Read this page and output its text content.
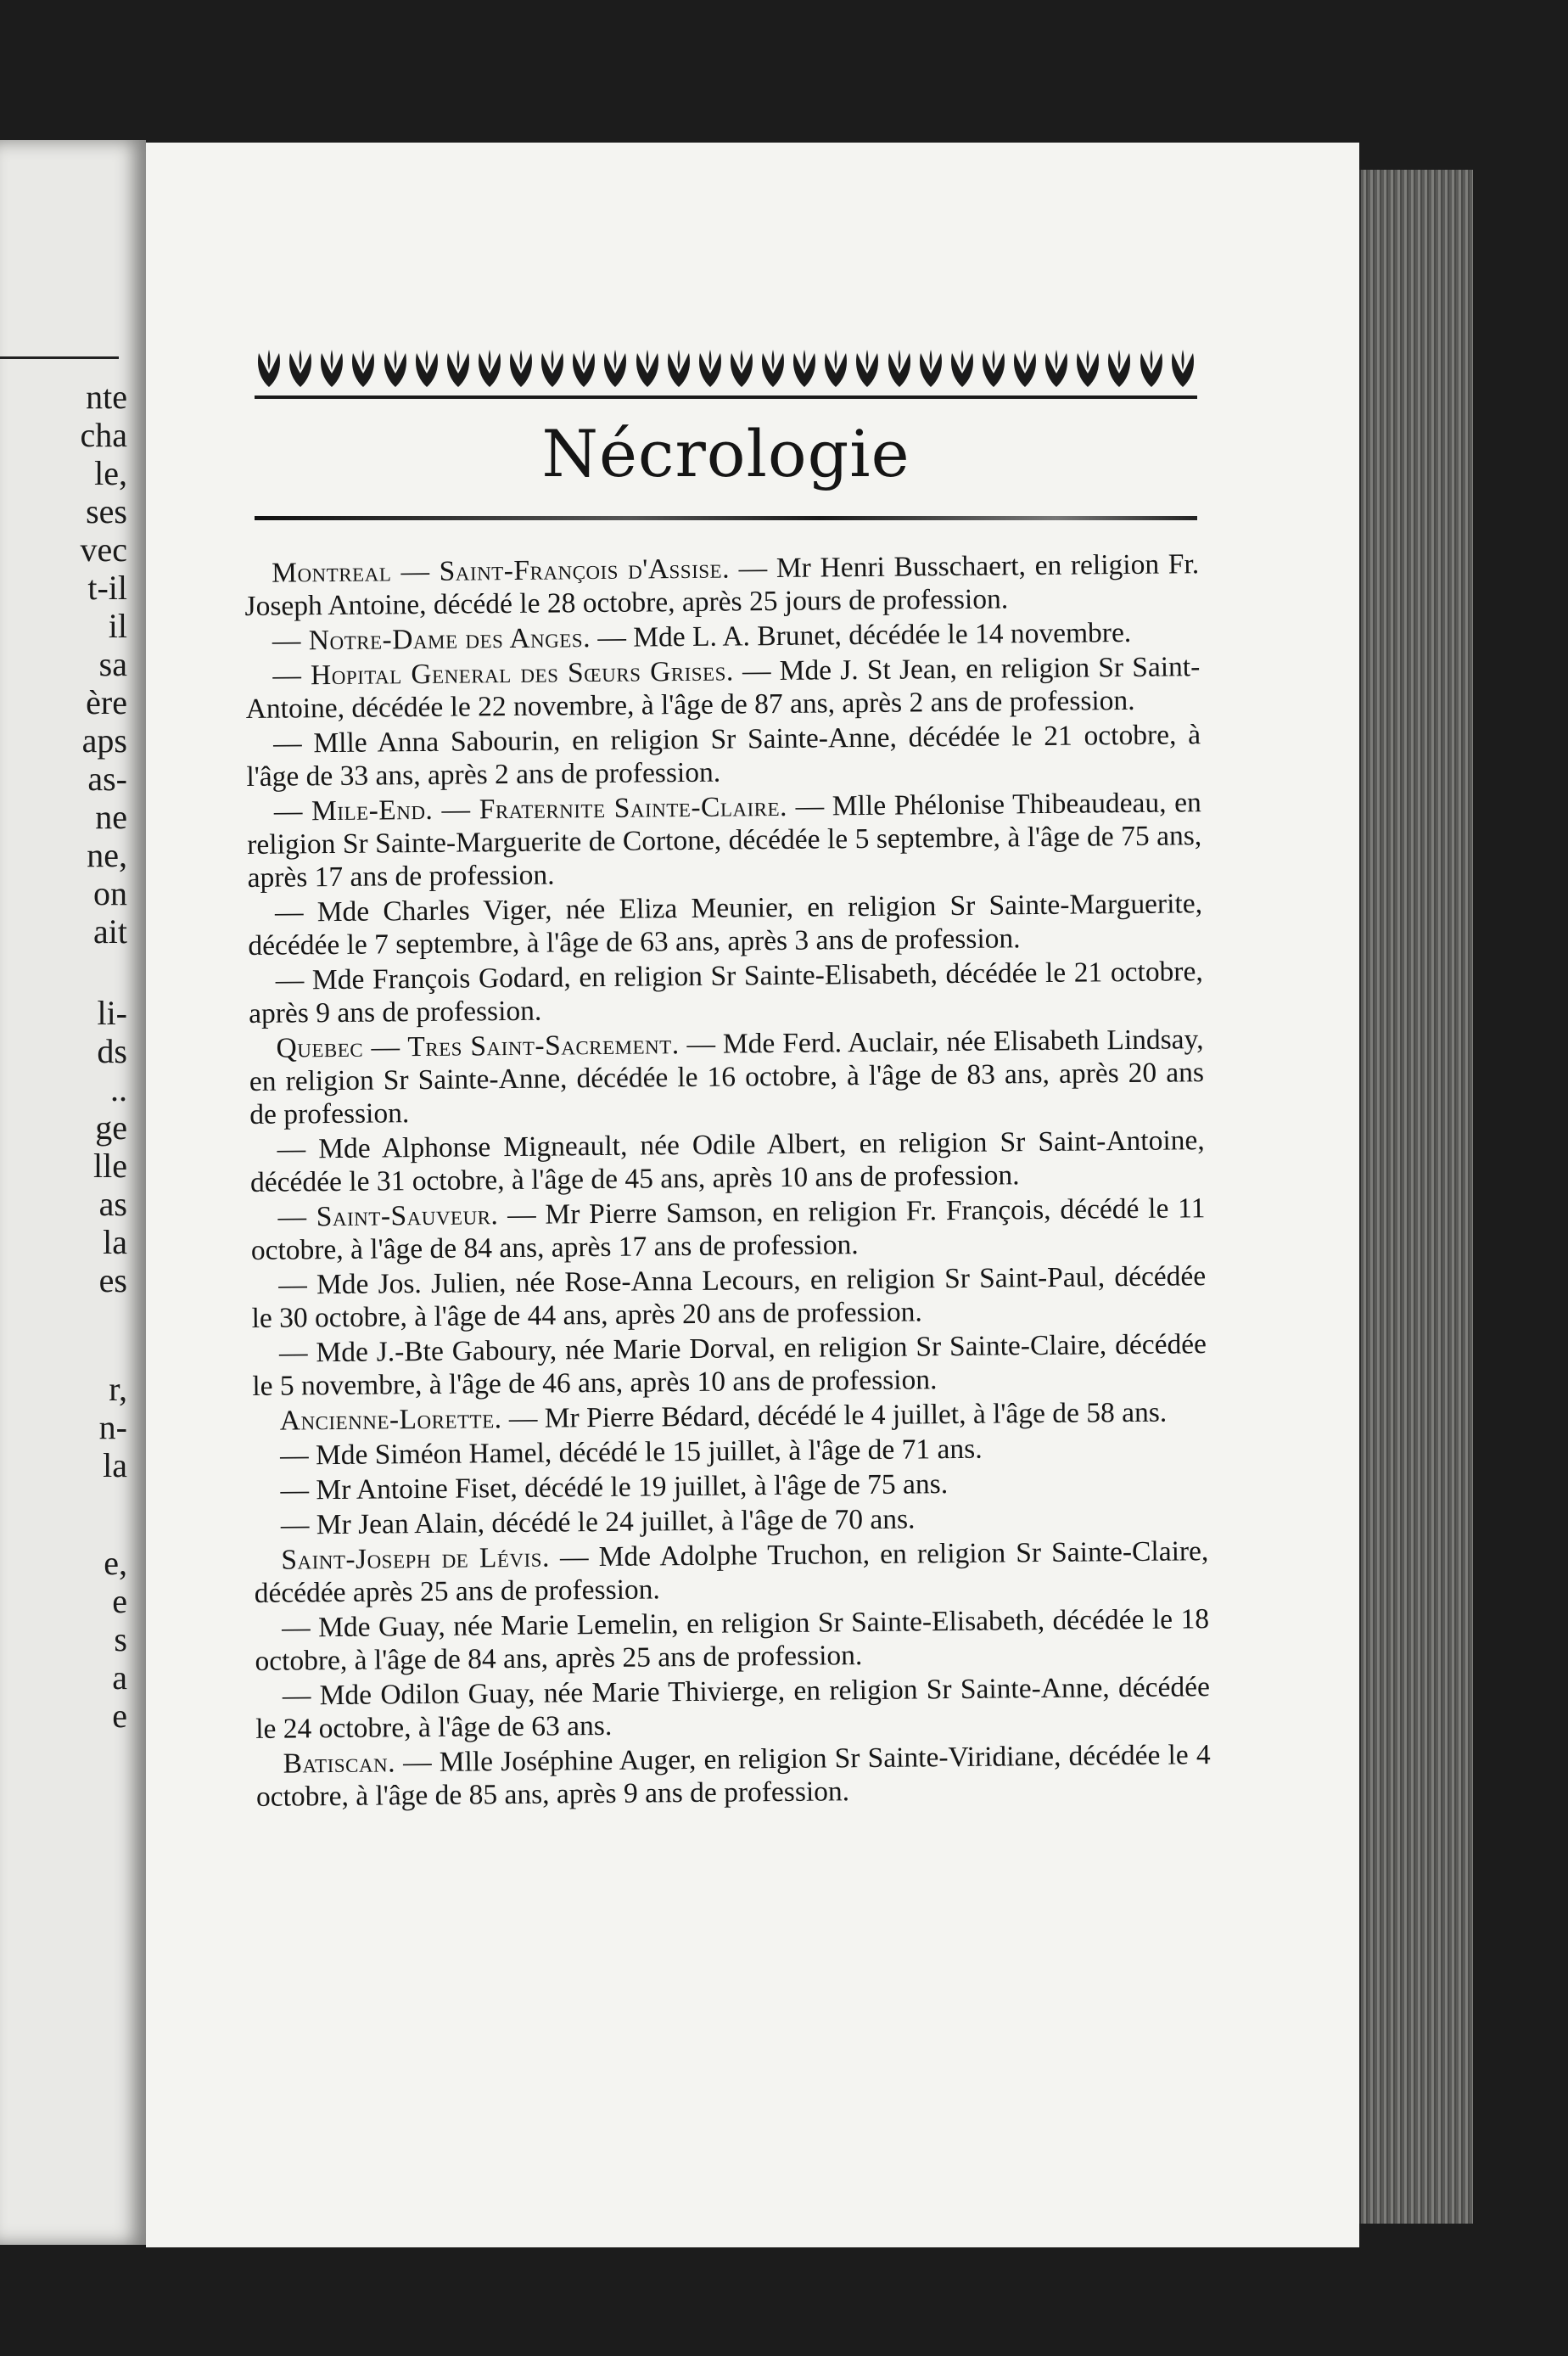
nte
cha
le,
ses
vec
t-il
il
sa
ère
aps
as-
ne
ne,
on
ait
li-
ds
..
ge
lle
as
la
es
r,
n-
la
e,
e
s
a
e
Nécrologie

Montreal — Saint-François d'Assise. — Mr Henri Busschaert, en religion Fr. Joseph Antoine, décédé le 28 octobre, après 25 jours de profession.

— Notre-Dame des Anges. — Mde L. A. Brunet, décédée le 14 novembre.

— Hopital General des Sœurs Grises. — Mde J. St Jean, en religion Sr Saint-Antoine, décédée le 22 novembre, à l'âge de 87 ans, après 2 ans de profession.

— Mlle Anna Sabourin, en religion Sr Sainte-Anne, décédée le 21 octobre, à l'âge de 33 ans, après 2 ans de profession.

— Mile-End. — Fraternite Sainte-Claire. — Mlle Phélonise Thibeaudeau, en religion Sr Sainte-Marguerite de Cortone, décédée le 5 septembre, à l'âge de 75 ans, après 17 ans de profession.

— Mde Charles Viger, née Eliza Meunier, en religion Sr Sainte-Marguerite, décédée le 7 septembre, à l'âge de 63 ans, après 3 ans de profession.

— Mde François Godard, en religion Sr Sainte-Elisabeth, décédée le 21 octobre, après 9 ans de profession.

Quebec — Tres Saint-Sacrement. — Mde Ferd. Auclair, née Elisabeth Lindsay, en religion Sr Sainte-Anne, décédée le 16 octobre, à l'âge de 83 ans, après 20 ans de profession.

— Mde Alphonse Migneault, née Odile Albert, en religion Sr Saint-Antoine, décédée le 31 octobre, à l'âge de 45 ans, après 10 ans de profession.

— Saint-Sauveur. — Mr Pierre Samson, en religion Fr. François, décédé le 11 octobre, à l'âge de 84 ans, après 17 ans de profession.

— Mde Jos. Julien, née Rose-Anna Lecours, en religion Sr Saint-Paul, décédée le 30 octobre, à l'âge de 44 ans, après 20 ans de profession.

— Mde J.-Bte Gaboury, née Marie Dorval, en religion Sr Sainte-Claire, décédée le 5 novembre, à l'âge de 46 ans, après 10 ans de profession.

Ancienne-Lorette. — Mr Pierre Bédard, décédé le 4 juillet, à l'âge de 58 ans.

— Mde Siméon Hamel, décédé le 15 juillet, à l'âge de 71 ans.

— Mr Antoine Fiset, décédé le 19 juillet, à l'âge de 75 ans.

— Mr Jean Alain, décédé le 24 juillet, à l'âge de 70 ans.

Saint-Joseph de Lévis. — Mde Adolphe Truchon, en religion Sr Sainte-Claire, décédée après 25 ans de profession.

— Mde Guay, née Marie Lemelin, en religion Sr Sainte-Elisabeth, décédée le 18 octobre, à l'âge de 84 ans, après 25 ans de profession.

— Mde Odilon Guay, née Marie Thivierge, en religion Sr Sainte-Anne, décédée le 24 octobre, à l'âge de 63 ans.

Batiscan. — Mlle Joséphine Auger, en religion Sr Sainte-Viridiane, décédée le 4 octobre, à l'âge de 85 ans, après 9 ans de profession.
